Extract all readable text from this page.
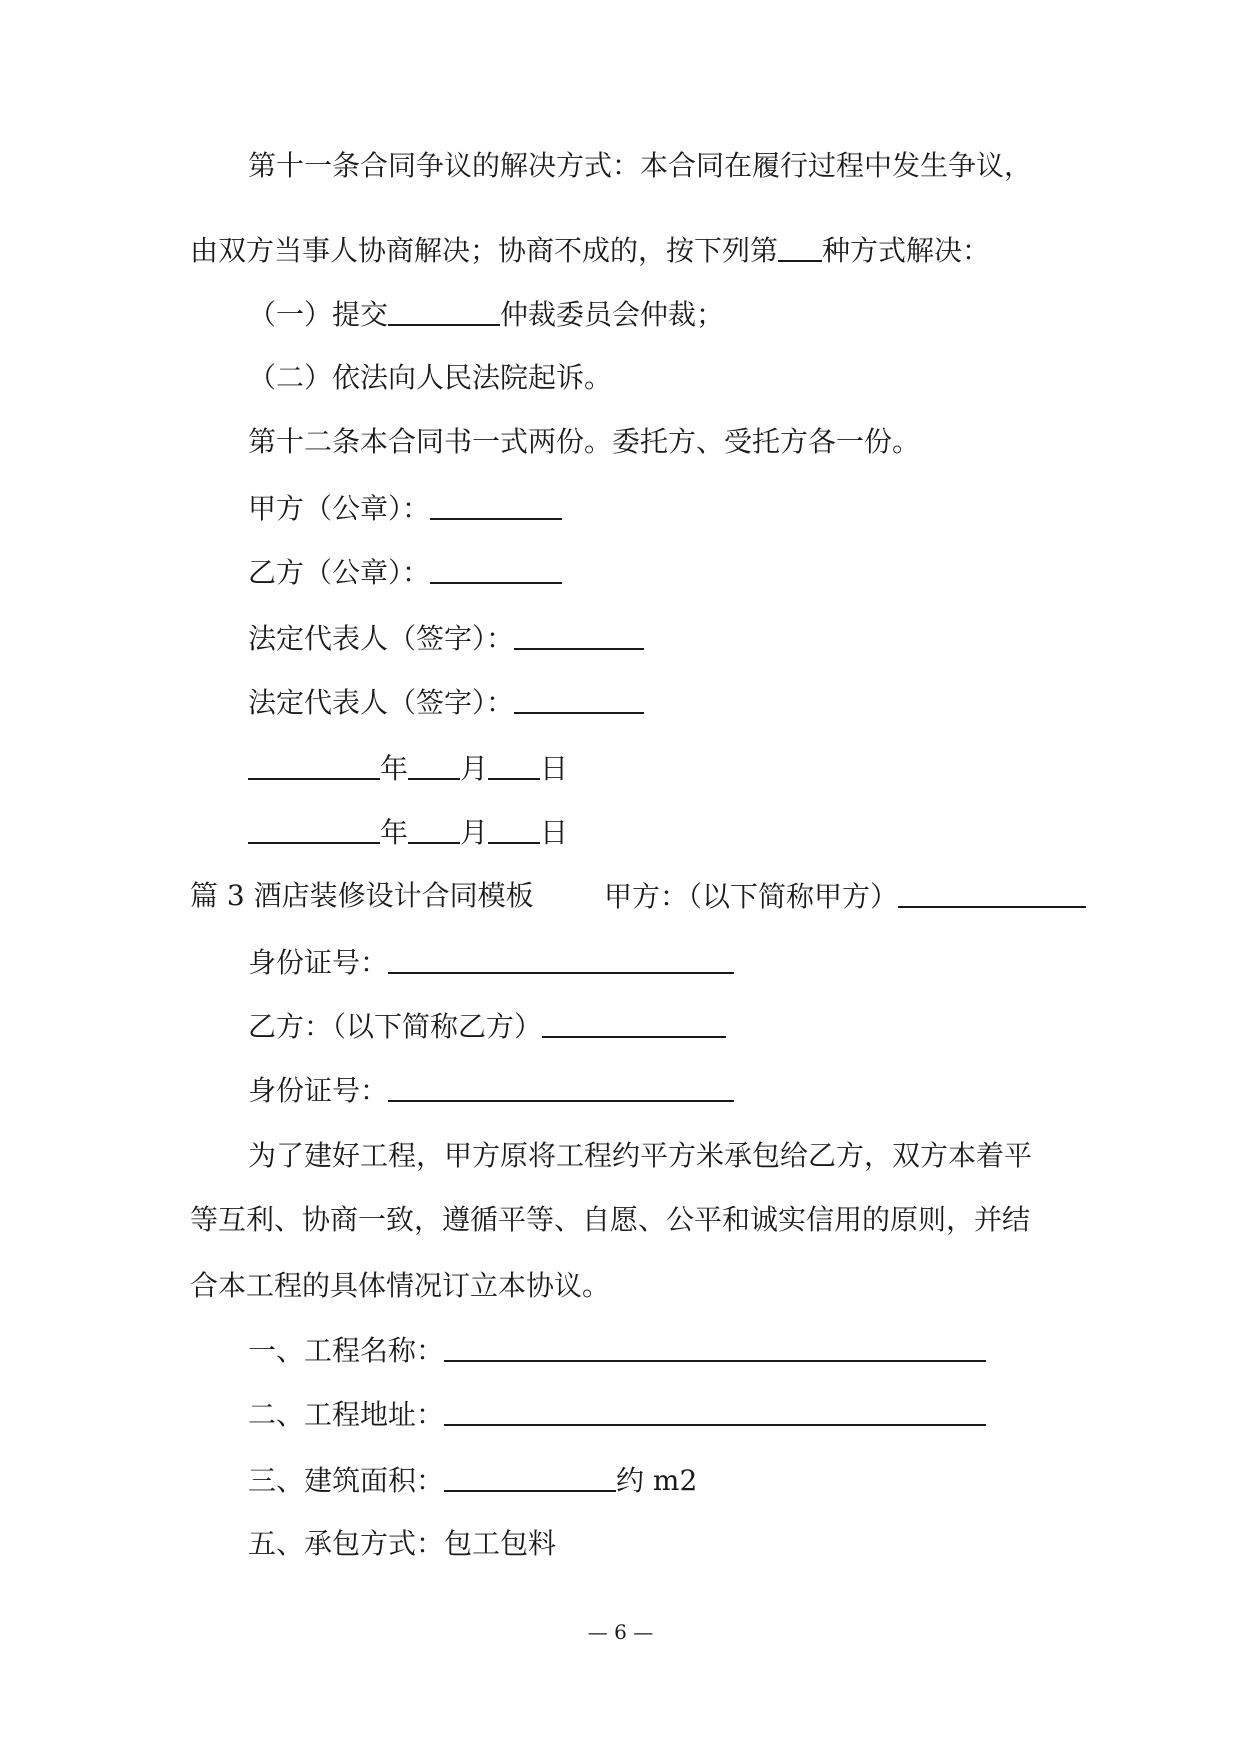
第十一条合同争议的解决方式：本合同在履行过程中发生争议，
由双方当事人协商解决；协商不成的，按下列第 种方式解决：
（一）提交	仲裁委员会仲裁；
（二）依法向人民法院起诉。
第十二条本合同书一式两份。委托方、受托方各一份。
甲方（公章）：
乙方（公章）：
法定代表人（签字）：
法定代表人（签字）：
年 月 日
年 月 日
篇 3 酒店装修设计合同模板	甲方：（以下简称甲方）
身份证号：
乙方：（以下简称乙方）
身份证号：
为了建好工程，甲方原将工程约平方米承包给乙方，双方本着平
等互利、协商一致，遵循平等、自愿、公平和诚实信用的原则，并结
合本工程的具体情况订立本协议。
一、工程名称：
二、工程地址：
三、建筑面积：	约 m2
五、承包方式：包工包料
— 6 —
